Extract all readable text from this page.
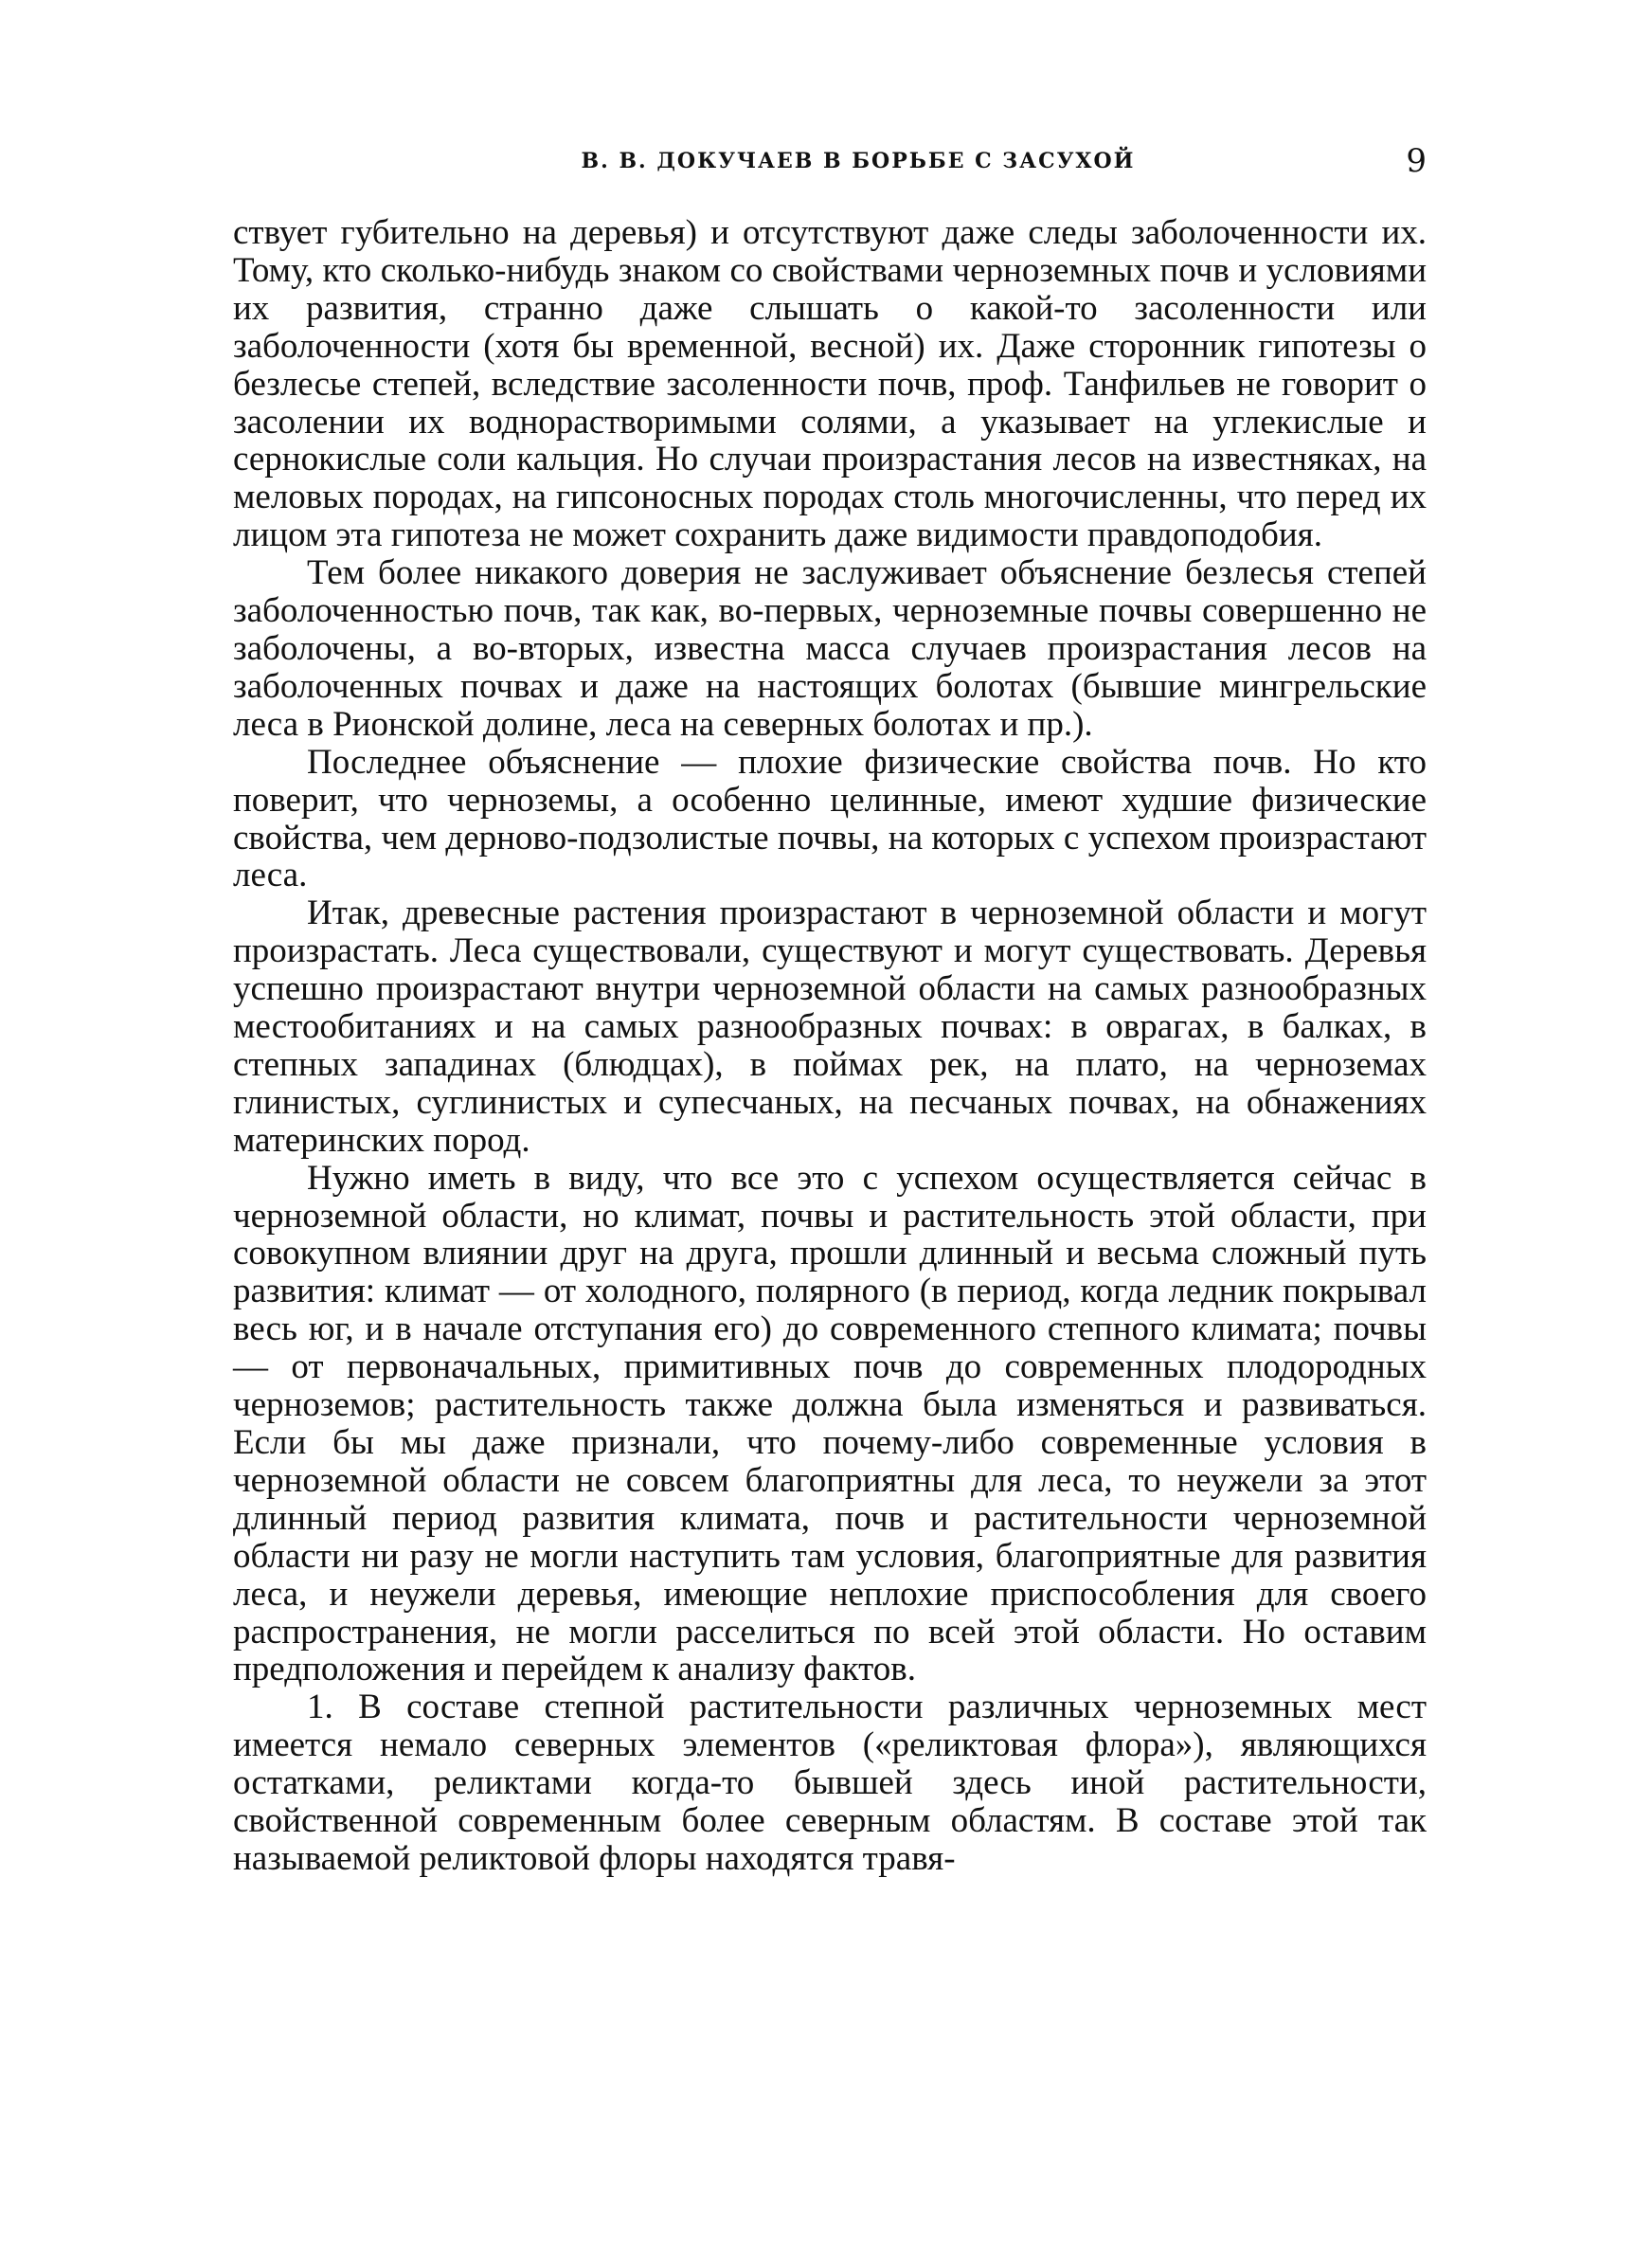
В. В. ДОКУЧАЕВ В БОРЬБЕ С ЗАСУХОЙ	9

ствует губительно на деревья) и отсутствуют даже следы заболоченности их. Тому, кто сколько-нибудь знаком со свойствами черноземных почв и условиями их развития, странно даже слышать о какой-то засоленности или заболоченности (хотя бы временной, весной) их. Даже сторонник гипотезы о безлесье степей, вследствие засоленности почв, проф. Танфильев не говорит о засолении их воднорастворимыми солями, а указывает на углекислые и сернокислые соли кальция. Но случаи произрастания лесов на известняках, на меловых породах, на гипсоносных породах столь многочисленны, что перед их лицом эта гипотеза не может сохранить даже видимости правдоподобия.

Тем более никакого доверия не заслуживает объяснение безлесья степей заболоченностью почв, так как, во-первых, черноземные почвы совершенно не заболочены, а во-вторых, известна масса случаев произрастания лесов на заболоченных почвах и даже на настоящих болотах (бывшие мингрельские леса в Рионской долине, леса на северных болотах и пр.).

Последнее объяснение — плохие физические свойства почв. Но кто поверит, что черноземы, а особенно целинные, имеют худшие физические свойства, чем дерново-подзолистые почвы, на которых с успехом произрастают леса.

Итак, древесные растения произрастают в черноземной области и могут произрастать. Леса существовали, существуют и могут существовать. Деревья успешно произрастают внутри черноземной области на самых разнообразных местообитаниях и на самых разнообразных почвах: в оврагах, в балках, в степных западинах (блюдцах), в поймах рек, на плато, на черноземах глинистых, суглинистых и супесчаных, на песчаных почвах, на обнажениях материнских пород.

Нужно иметь в виду, что все это с успехом осуществляется сейчас в черноземной области, но климат, почвы и растительность этой области, при совокупном влиянии друг на друга, прошли длинный и весьма сложный путь развития: климат — от холодного, полярного (в период, когда ледник покрывал весь юг, и в начале отступания его) до современного степного климата; почвы — от первоначальных, примитивных почв до современных плодородных черноземов; растительность также должна была изменяться и развиваться. Если бы мы даже признали, что почему-либо современные условия в черноземной области не совсем благоприятны для леса, то неужели за этот длинный период развития климата, почв и растительности черноземной области ни разу не могли наступить там условия, благоприятные для развития леса, и неужели деревья, имеющие неплохие приспособления для своего распространения, не могли расселиться по всей этой области. Но оставим предположения и перейдем к анализу фактов.

1. В составе степной растительности различных черноземных мест имеется немало северных элементов («реликтовая флора»), являющихся остатками, реликтами когда-то бывшей здесь иной растительности, свойственной современным более северным областям. В составе этой так называемой реликтовой флоры находятся травя-
